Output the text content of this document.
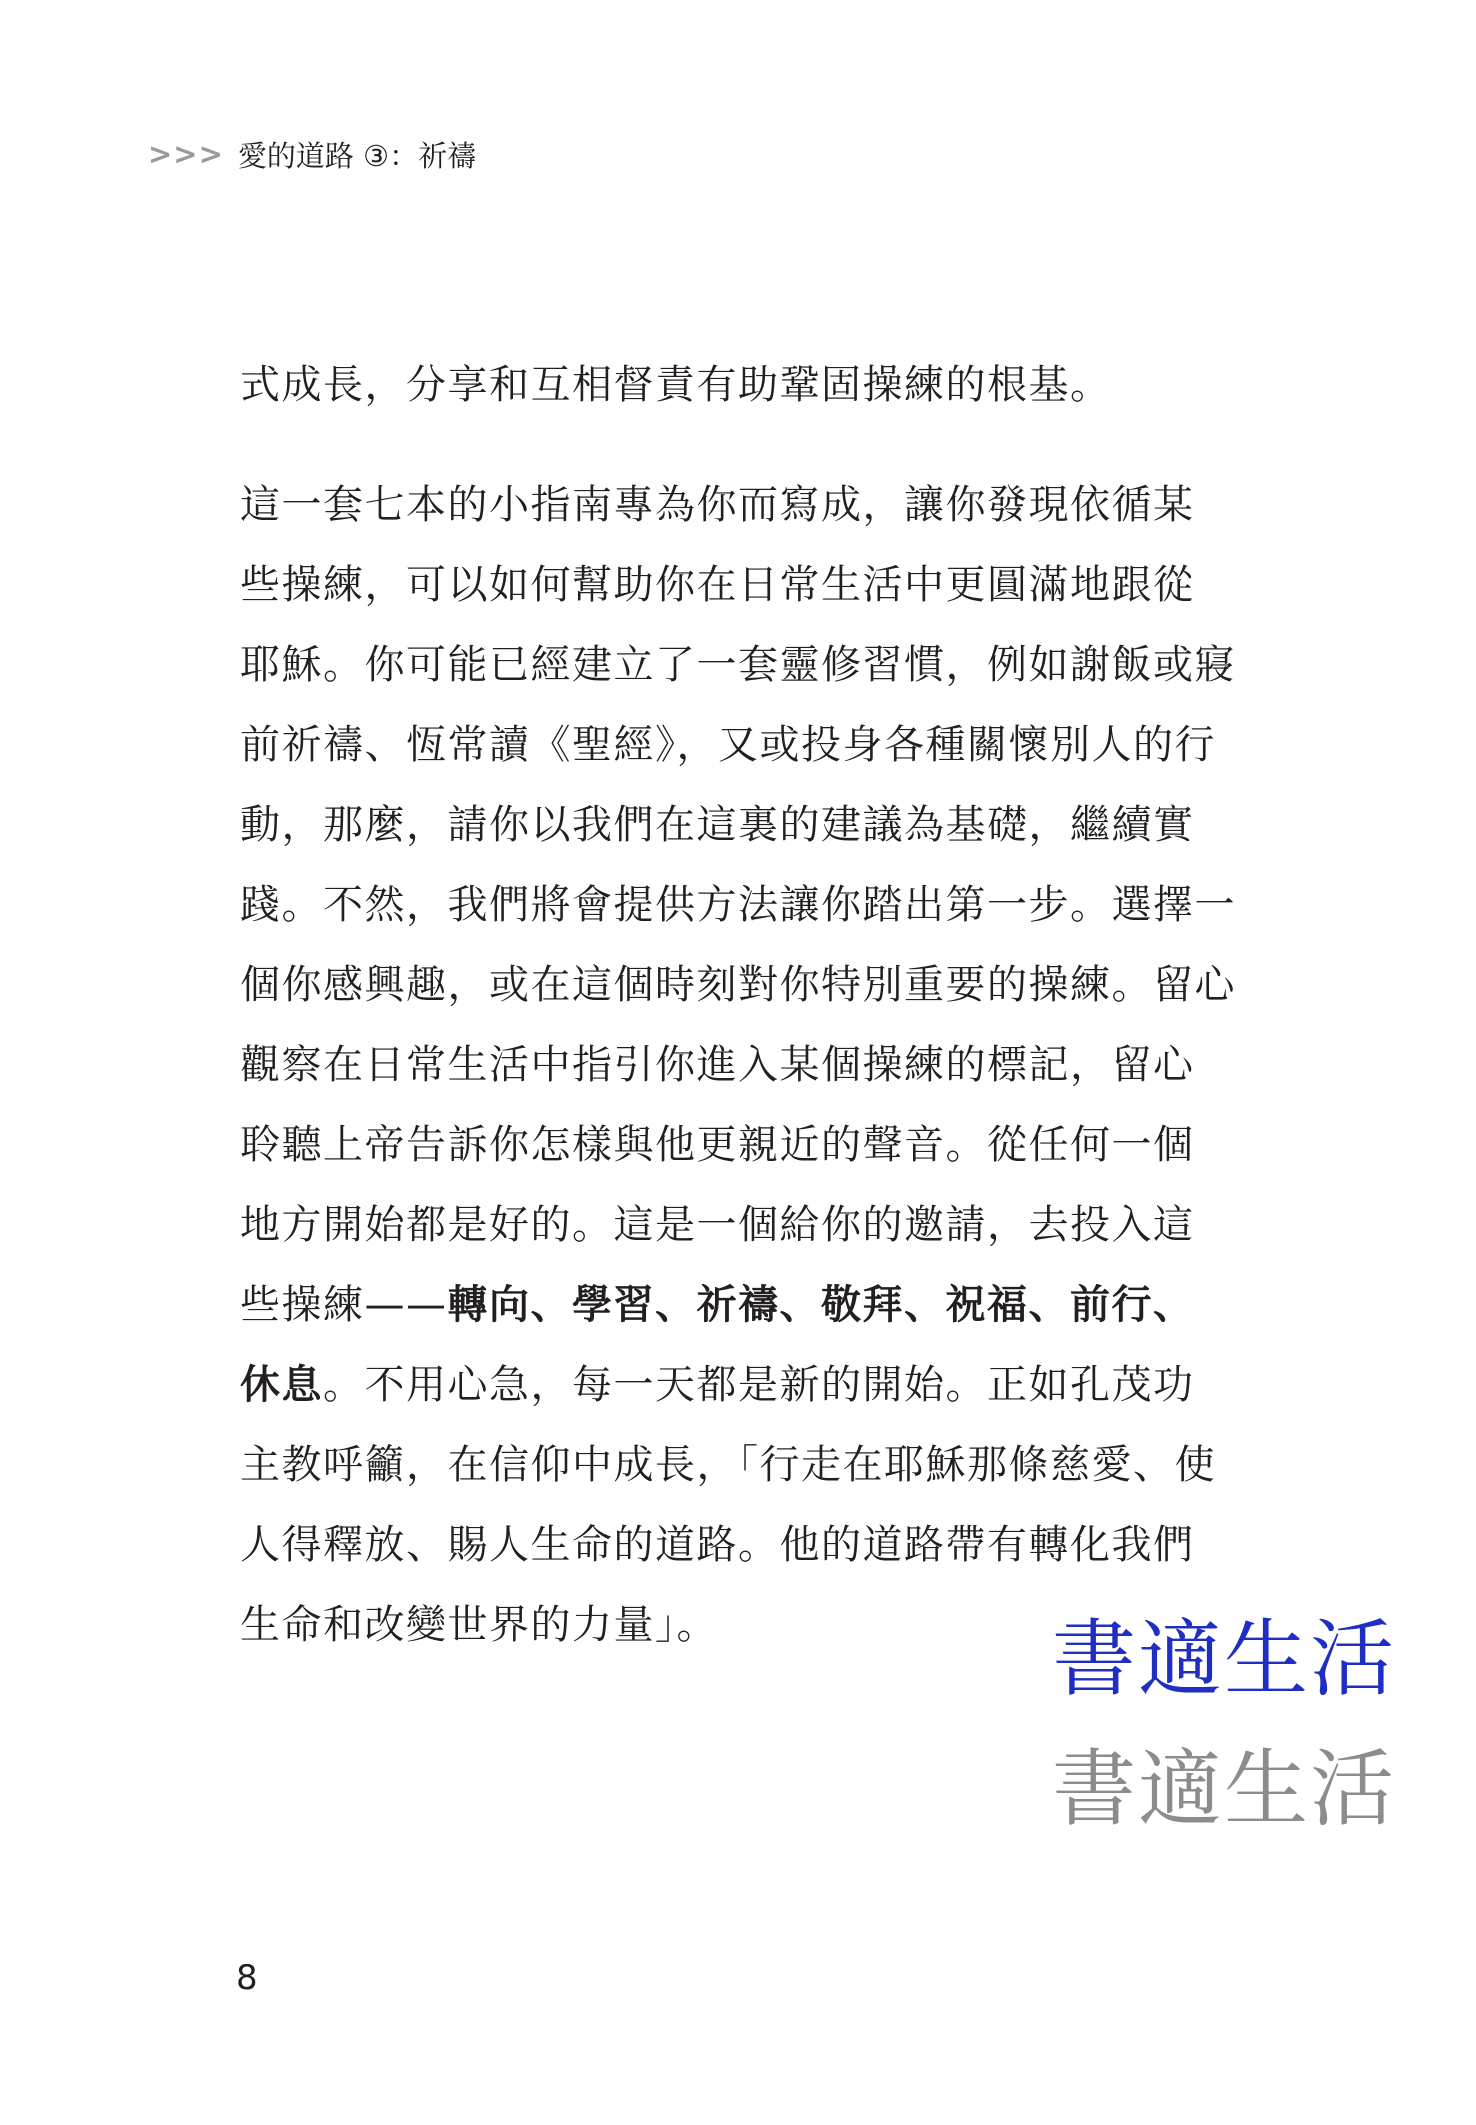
>>> 愛的道路 ③：祈禱
式成長，分享和互相督責有助鞏固操練的根基。
這一套七本的小指南專為你而寫成，讓你發現依循某
些操練，可以如何幫助你在日常生活中更圓滿地跟從
耶穌。你可能已經建立了一套靈修習慣，例如謝飯或寢
前祈禱、恆常讀《聖經》，又或投身各種關懷別人的行
動，那麼，請你以我們在這裏的建議為基礎，繼續實
踐。不然，我們將會提供方法讓你踏出第一步。選擇一
個你感興趣，或在這個時刻對你特別重要的操練。留心
觀察在日常生活中指引你進入某個操練的標記，留心
聆聽上帝告訴你怎樣與他更親近的聲音。從任何一個
地方開始都是好的。這是一個給你的邀請，去投入這
些操練——轉向、學習、祈禱、敬拜、祝福、前行、
休息。不用心急，每一天都是新的開始。正如孔茂功
主教呼籲，在信仰中成長，「行走在耶穌那條慈愛、使
人得釋放、賜人生命的道路。他的道路帶有轉化我們
生命和改變世界的力量」。	書適生活
書適生活
8
